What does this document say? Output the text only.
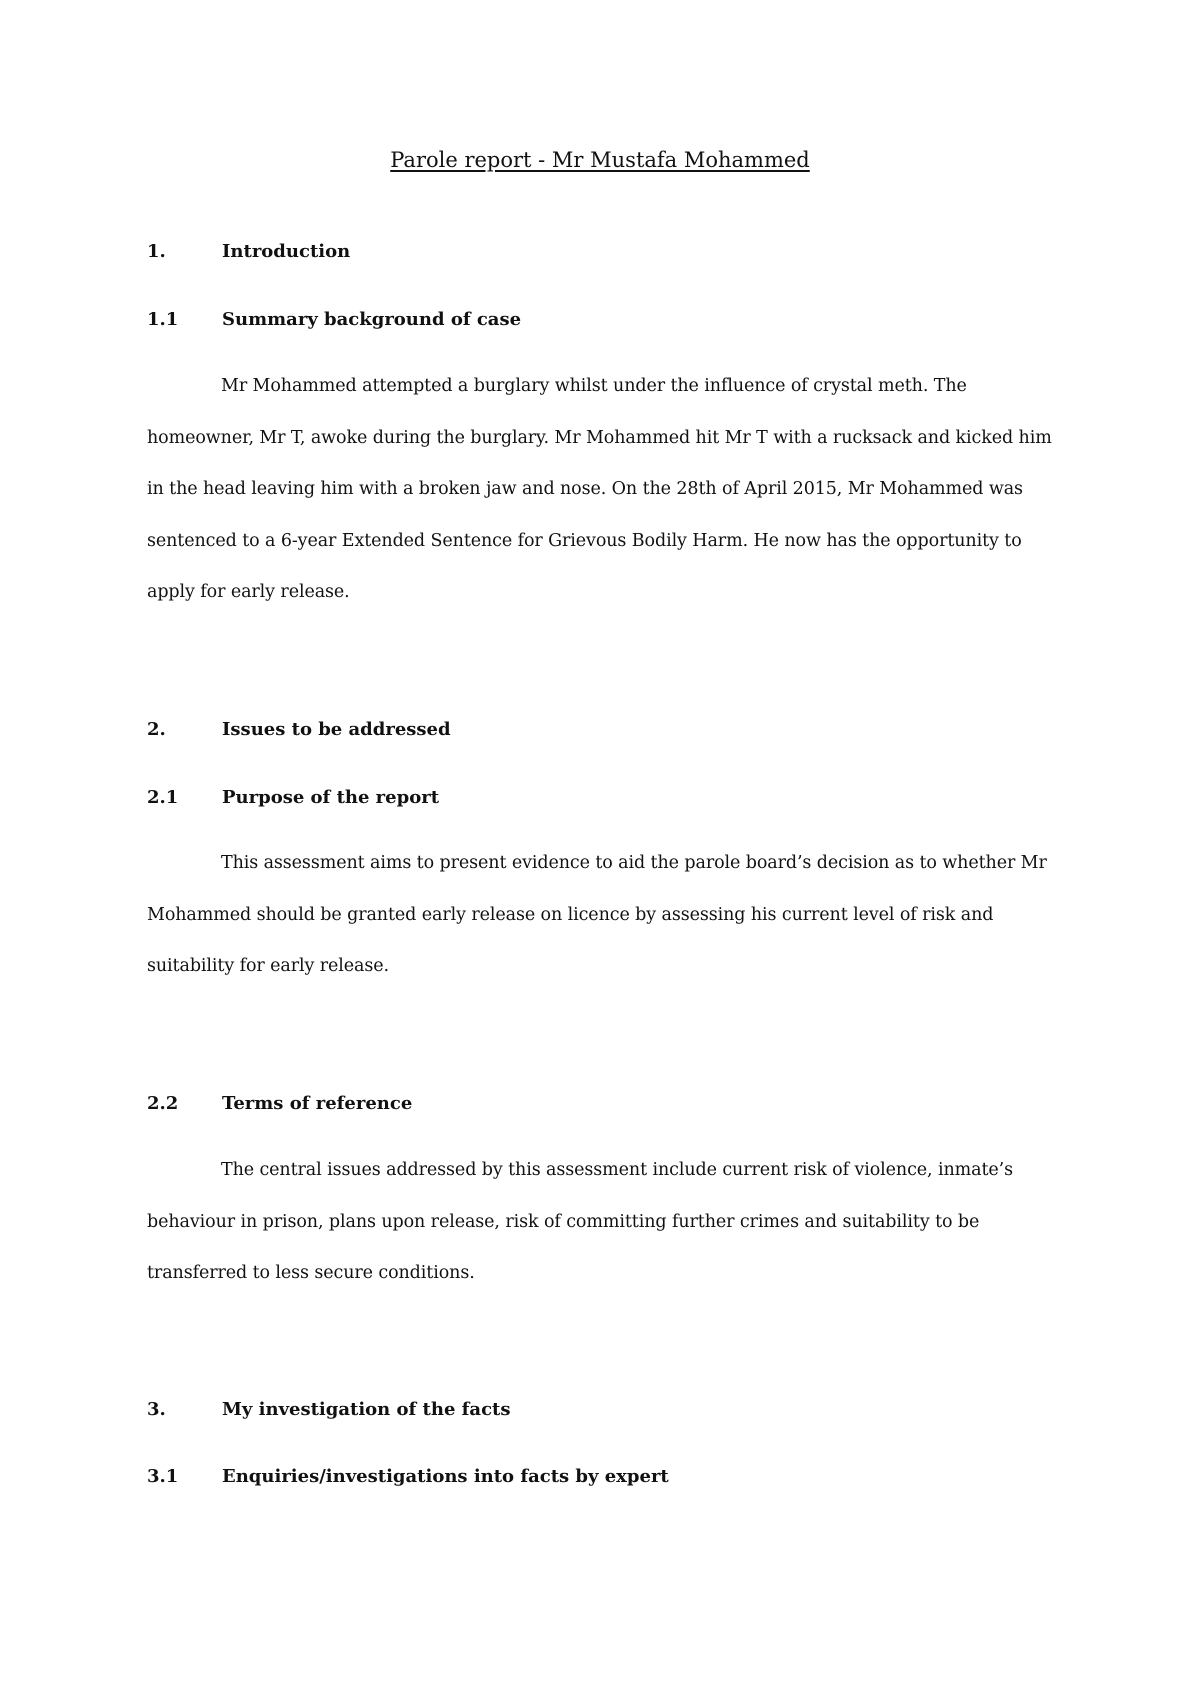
Parole report - Mr Mustafa Mohammed
1.	Introduction
1.1 Summary background of case

Mr Mohammed attempted a burglary whilst under the influence of crystal meth. The homeowner, Mr T, awoke during the burglary. Mr Mohammed hit Mr T with a rucksack and kicked him in the head leaving him with a broken jaw and nose. On the 28th of April 2015, Mr Mohammed was sentenced to a 6-year Extended Sentence for Grievous Bodily Harm. He now has the opportunity to apply for early release.

2.	Issues to be addressed
2.1 Purpose of the report

This assessment aims to present evidence to aid the parole board’s decision as to whether Mr Mohammed should be granted early release on licence by assessing his current level of risk and suitability for early release.

2.2 Terms of reference

The central issues addressed by this assessment include current risk of violence, inmate’s behaviour in prison, plans upon release, risk of committing further crimes and suitability to be transferred to less secure conditions.

3.	My investigation of the facts
3.1 Enquiries/investigations into facts by expert
